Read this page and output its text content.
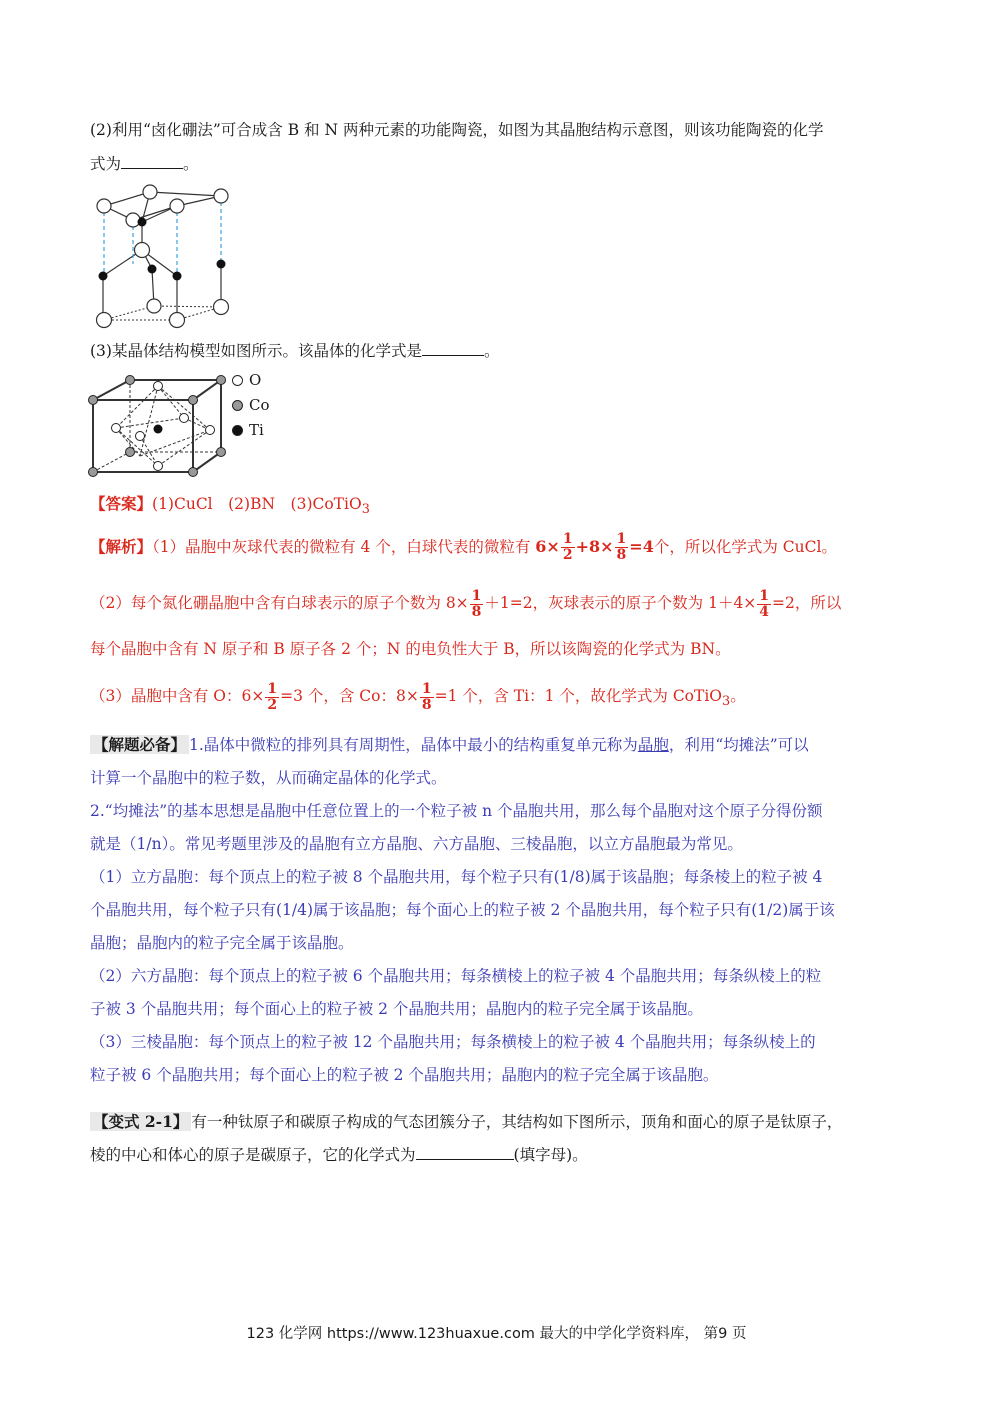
(2)利用“卤化硼法”可合成含 B 和 N 两种元素的功能陶瓷，如图为其晶胞结构示意图，则该功能陶瓷的化学

式为	。

(3)某晶体结构模型如图所示。该晶体的化学式是	。

O
Co
Ti

【答案】(1)CuCl　(2)BN　(3)CoTiO$_3$

【解析】（1）晶胞中灰球代表的微粒有 4 个，白球代表的微粒有 $6\times \frac{1}{2} +8\times \frac{1}{8} =4$个，所以化学式为 CuCl。

（2）每个氮化硼晶胞中含有白球表示的原子个数为 $8\times \frac{1}{8} +1=2$，灰球表示的原子个数为 $1+4\times \frac{1}{4} =2$，所以

每个晶胞中含有 N 原子和 B 原子各 2 个；N 的电负性大于 B，所以该陶瓷的化学式为 BN。

（3）晶胞中含有 O：$6\times \frac{1}{2} =3$ 个，含 Co：$8\times \frac{1}{8} =1$ 个，含 Ti：1 个，故化学式为 CoTiO$_3$。

【解题必备】 1.晶体中微粒的排列具有周期性，晶体中最小的结构重复单元称为晶胞，利用“均摊法”可以
计算一个晶胞中的粒子数，从而确定晶体的化学式。
2.“均摊法”的基本思想是晶胞中任意位置上的一个粒子被 n 个晶胞共用，那么每个晶胞对这个原子分得份额
就是（1/n）。常见考题里涉及的晶胞有立方晶胞、六方晶胞、三棱晶胞，以立方晶胞最为常见。
（1）立方晶胞：每个顶点上的粒子被 8 个晶胞共用，每个粒子只有(1/8)属于该晶胞；每条棱上的粒子被 4
个晶胞共用，每个粒子只有(1/4)属于该晶胞；每个面心上的粒子被 2 个晶胞共用，每个粒子只有(1/2)属于该
晶胞；晶胞内的粒子完全属于该晶胞。
（2）六方晶胞：每个顶点上的粒子被 6 个晶胞共用；每条横棱上的粒子被 4 个晶胞共用；每条纵棱上的粒
子被 3 个晶胞共用；每个面心上的粒子被 2 个晶胞共用；晶胞内的粒子完全属于该晶胞。
（3）三棱晶胞：每个顶点上的粒子被 12 个晶胞共用；每条横棱上的粒子被 4 个晶胞共用；每条纵棱上的
粒子被 6 个晶胞共用；每个面心上的粒子被 2 个晶胞共用；晶胞内的粒子完全属于该晶胞。
【变式 2-1】 有一种钛原子和碳原子构成的气态团簇分子，其结构如下图所示，顶角和面心的原子是钛原子，
棱的中心和体心的原子是碳原子，它的化学式为	(填字母)。
123 化学网 https://www.123huaxue.com 最大的中学化学资料库， 第9 页
